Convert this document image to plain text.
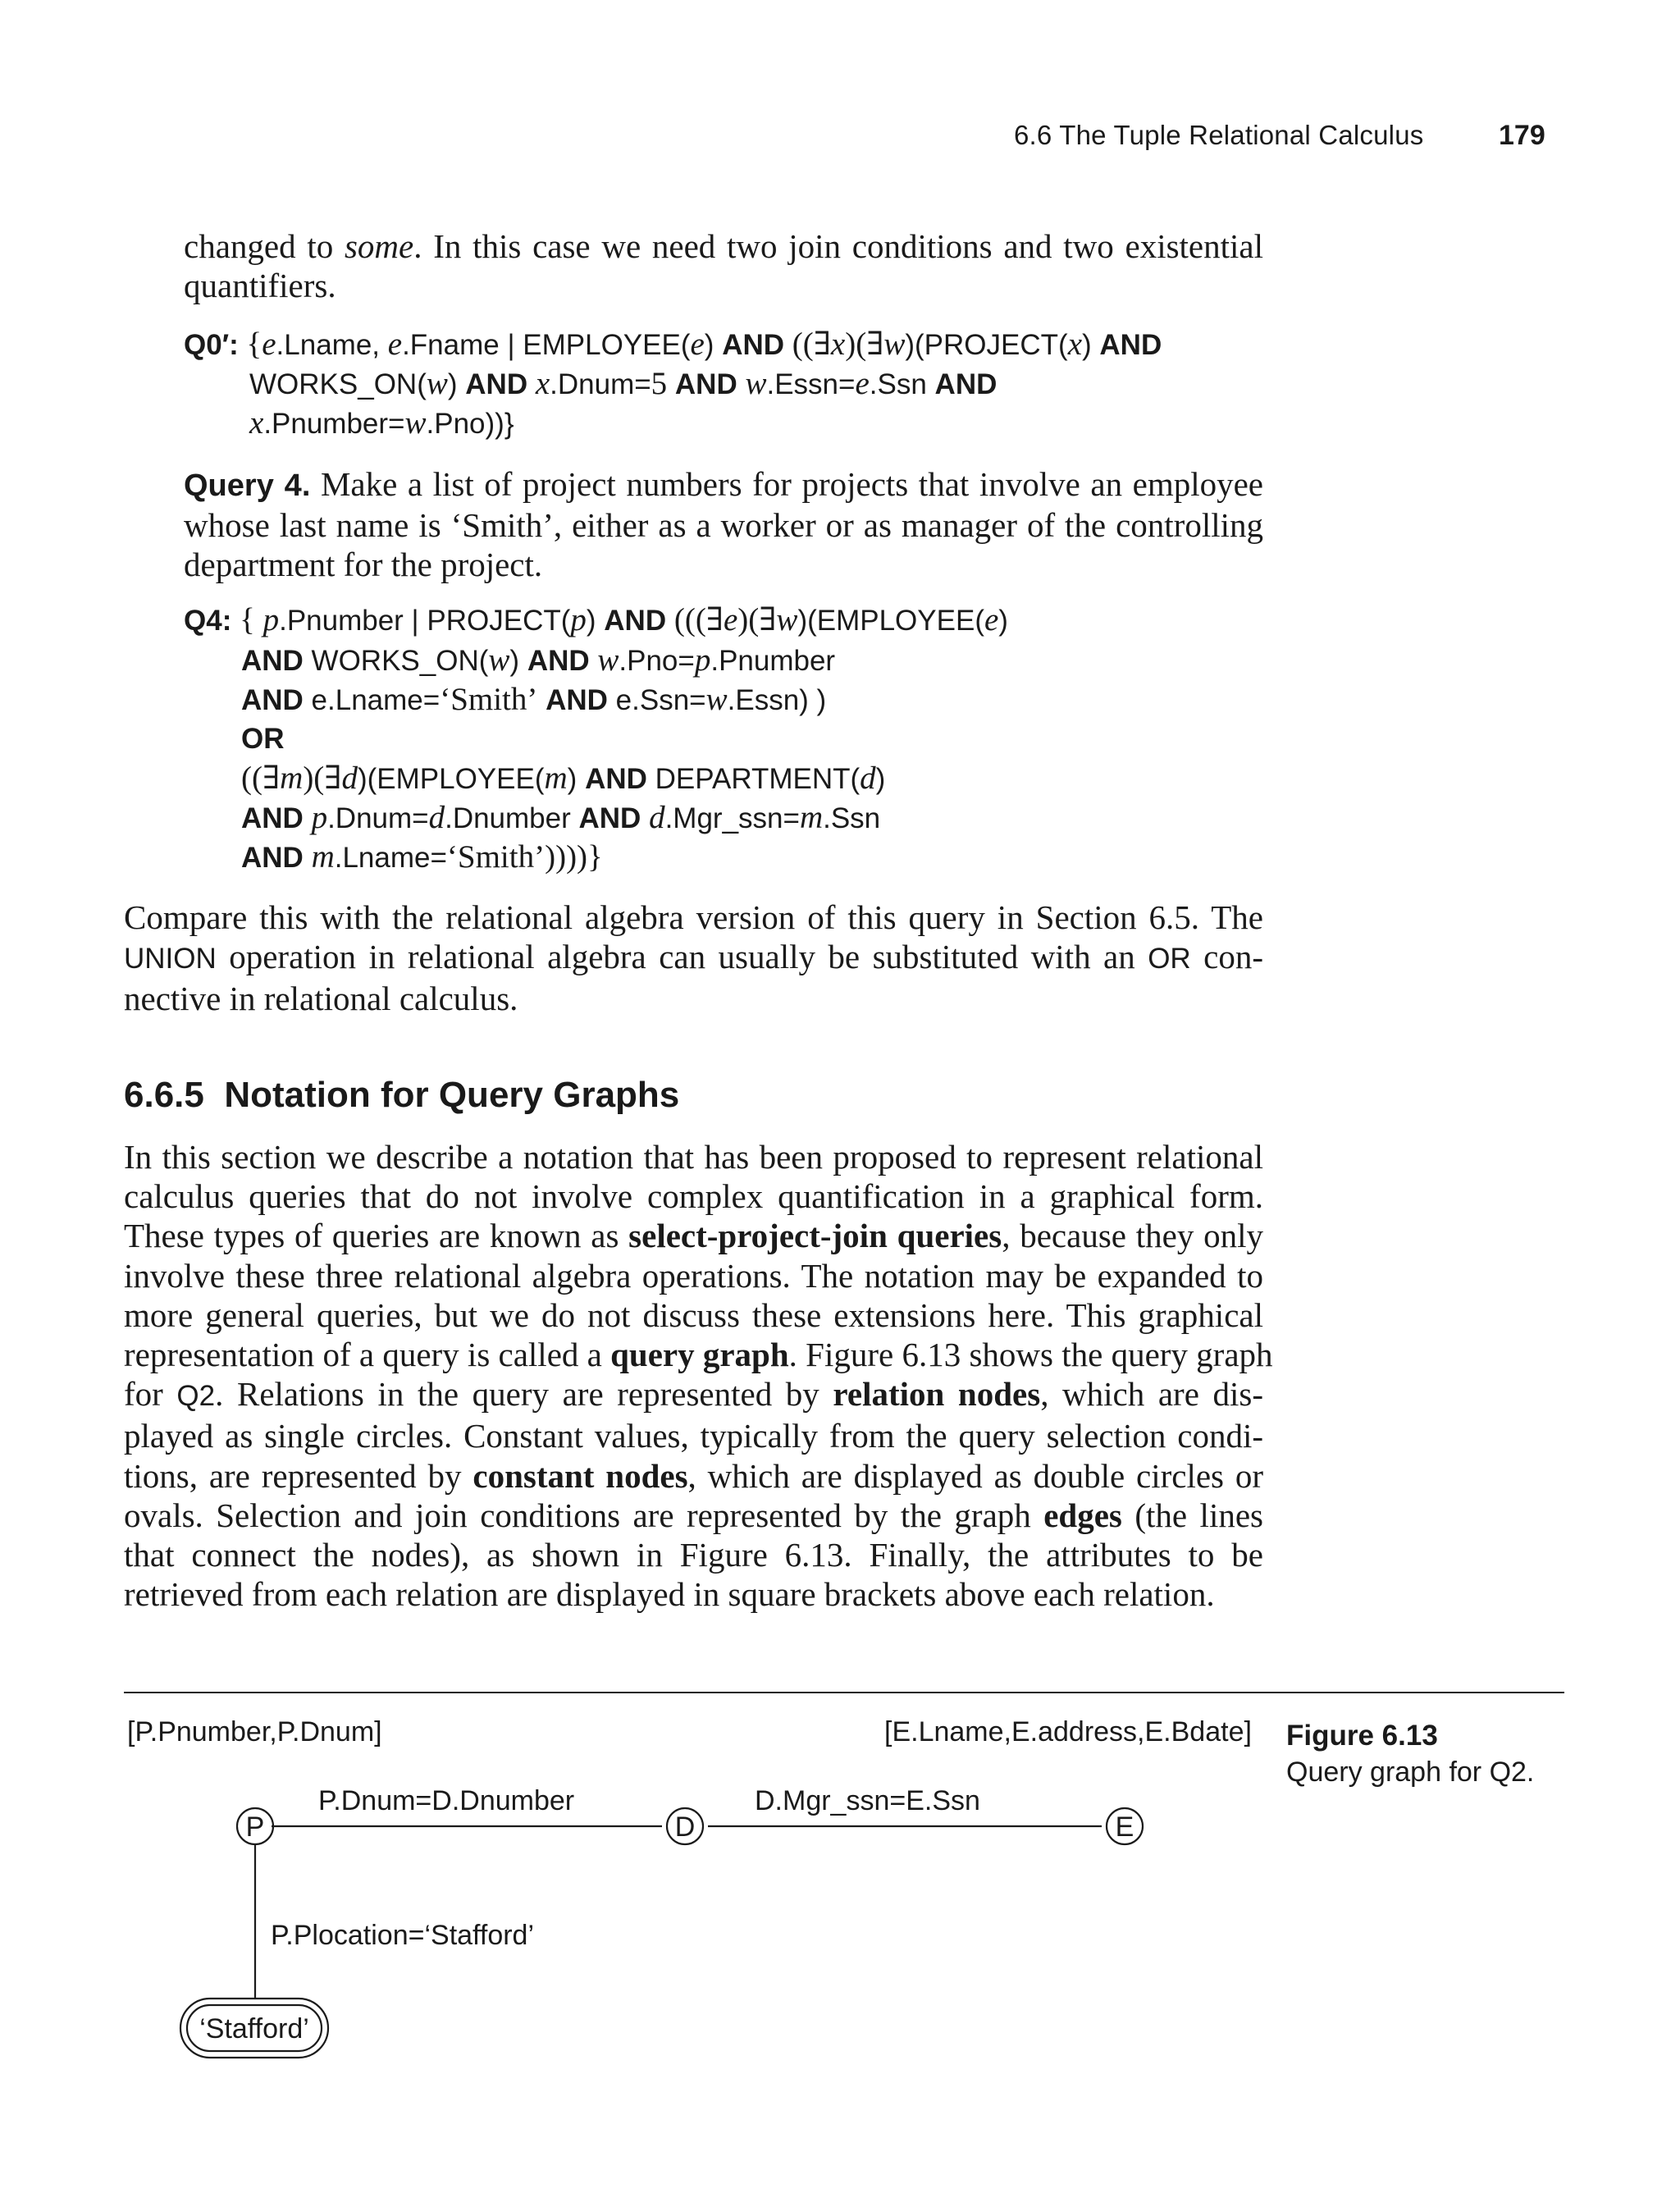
6.6 The Tuple Relational Calculus	179
changed to some. In this case we need two join conditions and two existential
quantifiers.
Q0′: {e.Lname, e.Fname | EMPLOYEE(e) AND ((∃x)(∃w)(PROJECT(x) AND
WORKS_ON(w) AND x.Dnum=5 AND w.Essn=e.Ssn AND
x.Pnumber=w.Pno))}
Query 4. Make a list of project numbers for projects that involve an employee
whose last name is ‘Smith’, either as a worker or as manager of the controlling
department for the project.
Q4: { p.Pnumber | PROJECT(p) AND (((∃e)(∃w)(EMPLOYEE(e)
AND WORKS_ON(w) AND w.Pno=p.Pnumber
AND e.Lname=‘Smith’ AND e.Ssn=w.Essn) )
OR
((∃m)(∃d)(EMPLOYEE(m) AND DEPARTMENT(d)
AND p.Dnum=d.Dnumber AND d.Mgr_ssn=m.Ssn
AND m.Lname=‘Smith’))))}
Compare this with the relational algebra version of this query in Section 6.5. The
UNION operation in relational algebra can usually be substituted with an OR con-
nective in relational calculus.
6.6.5 Notation for Query Graphs
In this section we describe a notation that has been proposed to represent relational
calculus queries that do not involve complex quantification in a graphical form.
These types of queries are known as select-project-join queries, because they only
involve these three relational algebra operations. The notation may be expanded to
more general queries, but we do not discuss these extensions here. This graphical
representation of a query is called a query graph. Figure 6.13 shows the query graph
for Q2. Relations in the query are represented by relation nodes, which are dis-
played as single circles. Constant values, typically from the query selection condi-
tions, are represented by constant nodes, which are displayed as double circles or
ovals. Selection and join conditions are represented by the graph edges (the lines
that connect the nodes), as shown in Figure 6.13. Finally, the attributes to be
retrieved from each relation are displayed in square brackets above each relation.
Figure 6.13
Query graph for Q2.
[P.Pnumber,P.Dnum]	[E.Lname,E.address,E.Bdate]
P.Dnum=D.Dnumber	D.Mgr_ssn=E.Ssn
P.Plocation=‘Stafford’
P	D	E
‘Stafford’
